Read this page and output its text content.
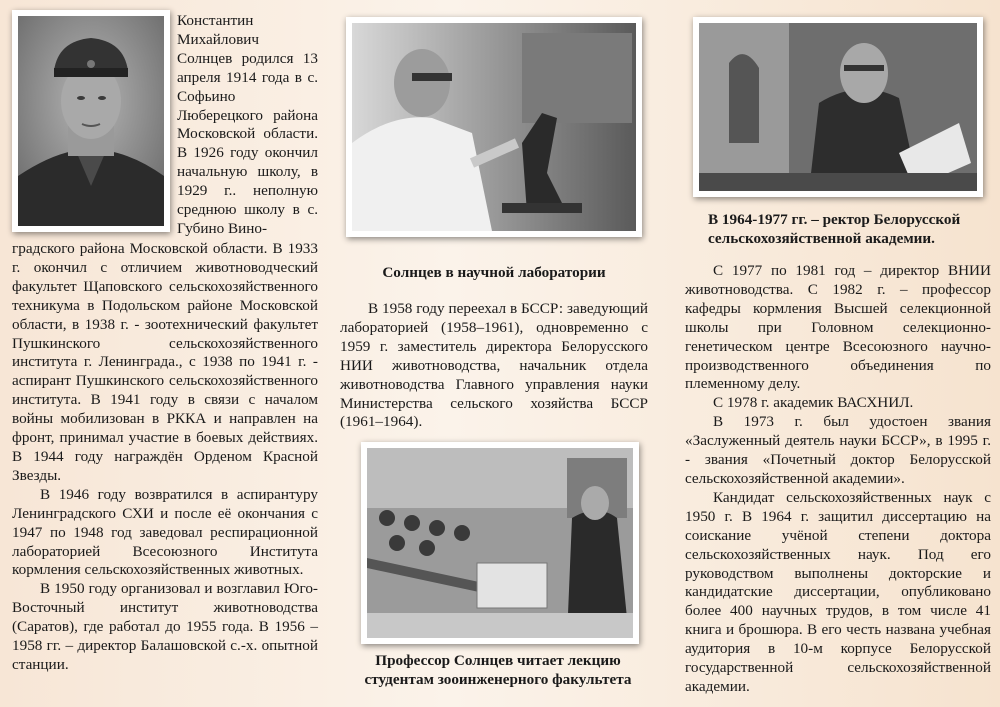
Константин Михайлович Солнцев родился 13 апреля 1914 года в с. Софьино Люберецкого района Московской области. В 1926 году окончил начальную школу, в 1929 г.. неполную среднюю школу в с. Губино Вино-

градского района Московской области. В 1933 г. окончил с отличием животноводческий факультет Щаповского сельскохозяйственного техникума в Подольском районе Московской области, в 1938 г. - зоотехнический факультет Пушкинского сельскохозяйственного института г. Ленинграда., с 1938 по 1941 г. - аспирант Пушкинского сельскохозяйственного института. В 1941 году в связи с началом войны мобилизован в РККА и направлен на фронт, принимал участие в боевых действиях. В 1944 году награждён Орденом Красной Звезды.

В 1946 году возвратился в аспирантуру Ленинградского СХИ и после её окончания с 1947 по 1948 год заведовал респирационной лабораторией Всесоюзного Института кормления сельскохозяйственных животных.

В 1950 году организовал и возглавил Юго-Восточный институт животноводства (Саратов), где работал до 1955 года. В 1956 –1958 гг. – директор Балашовской с.-х. опытной станции.

Солнцев в научной лаборатории

В 1958 году переехал в БССР: заведующий лабораторией (1958–1961), одновременно с 1959 г. заместитель директора Белорусского НИИ животноводства, начальник отдела животноводства Главного управления науки Министерства сельского хозяйства БССР (1961–1964).

Профессор Солнцев читает лекцию
студентам зооинженерного факультета
В 1964-1977 гг. – ректор Белорусской сельскохозяйственной академии.

С 1977 по 1981 год – директор ВНИИ животноводства. С 1982 г. – профессор кафедры кормления Высшей селекционной школы при Головном селекционно-генетическом центре Всесоюзного научно-производственного объединения по племенному делу.

С 1978 г. академик ВАСХНИЛ.

В 1973 г. был удостоен звания «Заслуженный деятель науки БССР», в 1995 г. - звания «Почетный доктор Белорусской сельскохозяйственной академии».

Кандидат сельскохозяйственных наук с 1950 г. В 1964 г. защитил диссертацию на соискание учёной степени доктора сельскохозяйственных наук. Под его руководством выполнены докторские и кандидатские диссертации, опубликовано более 400 научных трудов, в том числе 41 книга и брошюра. В его честь названа учебная аудитория в 10-м корпусе Белорусской государственной сельскохозяйственной академии.
